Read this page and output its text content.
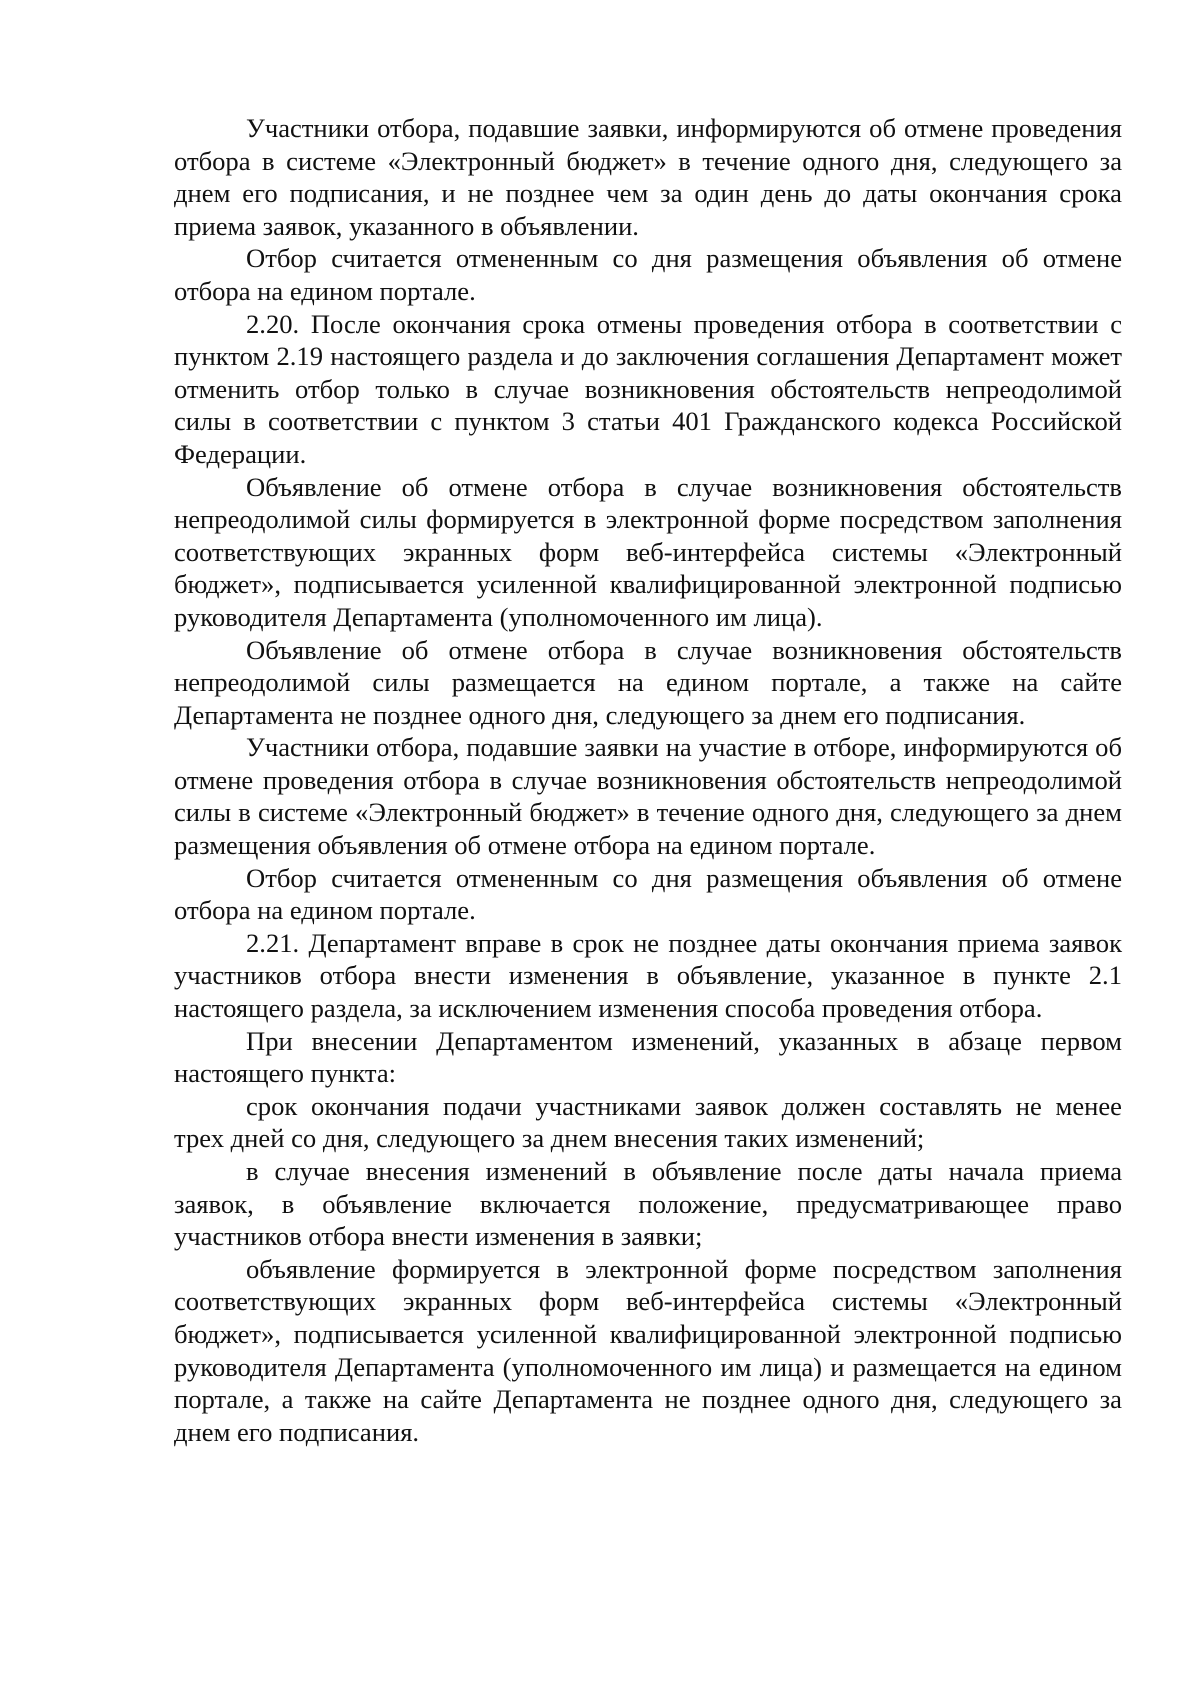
Участники отбора, подавшие заявки, информируются об отмене проведения отбора в системе «Электронный бюджет» в течение одного дня, следующего за днем его подписания, и не позднее чем за один день до даты окончания срока приема заявок, указанного в объявлении.

Отбор считается отмененным со дня размещения объявления об отмене отбора на едином портале.

2.20. После окончания срока отмены проведения отбора в соответствии с пунктом 2.19 настоящего раздела и до заключения соглашения Департамент может отменить отбор только в случае возникновения обстоятельств непреодолимой силы в соответствии с пунктом 3 статьи 401 Гражданского кодекса Российской Федерации.

Объявление об отмене отбора в случае возникновения обстоятельств непреодолимой силы формируется в электронной форме посредством заполнения соответствующих экранных форм веб-интерфейса системы «Электронный бюджет», подписывается усиленной квалифицированной электронной подписью руководителя Департамента (уполномоченного им лица).

Объявление об отмене отбора в случае возникновения обстоятельств непреодолимой силы размещается на едином портале, а также на сайте Департамента не позднее одного дня, следующего за днем его подписания.

Участники отбора, подавшие заявки на участие в отборе, информируются об отмене проведения отбора в случае возникновения обстоятельств непреодолимой силы в системе «Электронный бюджет» в течение одного дня, следующего за днем размещения объявления об отмене отбора на едином портале.

Отбор считается отмененным со дня размещения объявления об отмене отбора на едином портале.

2.21. Департамент вправе в срок не позднее даты окончания приема заявок участников отбора внести изменения в объявление, указанное в пункте 2.1 настоящего раздела, за исключением изменения способа проведения отбора.

При внесении Департаментом изменений, указанных в абзаце первом настоящего пункта:

срок окончания подачи участниками заявок должен составлять не менее трех дней со дня, следующего за днем внесения таких изменений;

в случае внесения изменений в объявление после даты начала приема заявок, в объявление включается положение, предусматривающее право участников отбора внести изменения в заявки;

объявление формируется в электронной форме посредством заполнения соответствующих экранных форм веб-интерфейса системы «Электронный бюджет», подписывается усиленной квалифицированной электронной подписью руководителя Департамента (уполномоченного им лица) и размещается на едином портале, а также на сайте Департамента не позднее одного дня, следующего за днем его подписания.
